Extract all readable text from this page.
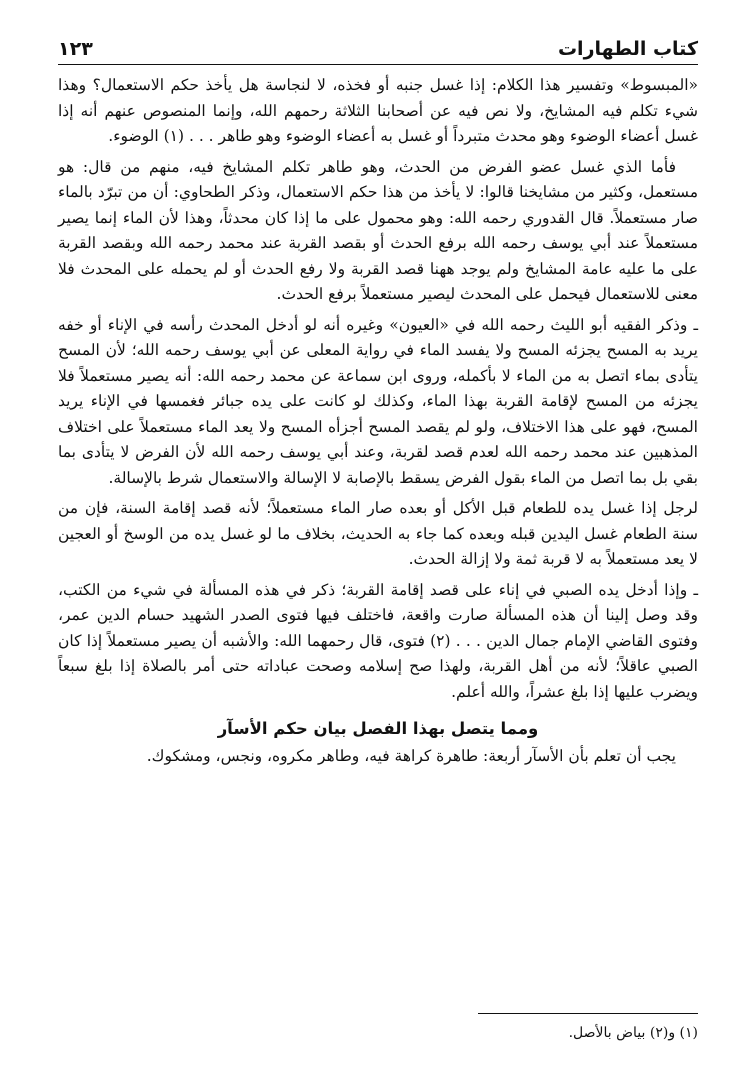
كتاب الطهارات
١٢٣

«المبسوط» وتفسير هذا الكلام: إذا غسل جنبه أو فخذه، لا لنجاسة هل يأخذ حكم الاستعمال؟ وهذا شيء تكلم فيه المشايخ، ولا نص فيه عن أصحابنا الثلاثة رحمهم الله، وإنما المنصوص عنهم أنه إذا غسل أعضاء الوضوء وهو محدث متبرداً أو غسل به أعضاء الوضوء وهو طاهر . . . (١) الوضوء.

فأما الذي غسل عضو الفرض من الحدث، وهو طاهر تكلم المشايخ فيه، منهم من قال: هو مستعمل، وكثير من مشايخنا قالوا: لا يأخذ من هذا حكم الاستعمال، وذكر الطحاوي: أن من تبرّد بالماء صار مستعملاً. قال القدوري رحمه الله: وهو محمول على ما إذا كان محدثاً، وهذا لأن الماء إنما يصير مستعملاً عند أبي يوسف رحمه الله برفع الحدث أو بقصد القربة عند محمد رحمه الله وبقصد القربة على ما عليه عامة المشايخ ولم يوجد ههنا قصد القربة ولا رفع الحدث أو لم يحمله على المحدث فلا معنى للاستعمال فيحمل على المحدث ليصير مستعملاً برفع الحدث.

ـ وذكر الفقيه أبو الليث رحمه الله في «العيون» وغيره أنه لو أدخل المحدث رأسه في الإناء أو خفه يريد به المسح يجزئه المسح ولا يفسد الماء في رواية المعلى عن أبي يوسف رحمه الله؛ لأن المسح يتأدى بماء اتصل به من الماء لا بأكمله، وروى ابن سماعة عن محمد رحمه الله: أنه يصير مستعملاً فلا يجزئه من المسح لإقامة القربة بهذا الماء، وكذلك لو كانت على يده جبائر فغمسها في الإناء يريد المسح، فهو على هذا الاختلاف، ولو لم يقصد المسح أجزأه المسح ولا يعد الماء مستعملاً على اختلاف المذهبين عند محمد رحمه الله لعدم قصد لقربة، وعند أبي يوسف رحمه الله لأن الفرض لا يتأدى بما بقي بل بما اتصل من الماء بقول الفرض يسقط بالإصابة لا الإسالة والاستعمال شرط بالإسالة.

لرجل إذا غسل يده للطعام قبل الأكل أو بعده صار الماء مستعملاً؛ لأنه قصد إقامة السنة، فإن من سنة الطعام غسل اليدين قبله وبعده كما جاء به الحديث، بخلاف ما لو غسل يده من الوسخ أو العجين لا يعد مستعملاً به لا قربة ثمة ولا إزالة الحدث.

ـ وإذا أدخل يده الصبي في إناء على قصد إقامة القربة؛ ذكر في هذه المسألة في شيء من الكتب، وقد وصل إلينا أن هذه المسألة صارت واقعة، فاختلف فيها فتوى الصدر الشهيد حسام الدين عمر، وفتوى القاضي الإمام جمال الدين . . . (٢) فتوى، قال رحمهما الله: والأشبه أن يصير مستعملاً إذا كان الصبي عاقلاً؛ لأنه من أهل القربة، ولهذا صح إسلامه وصحت عباداته حتى أمر بالصلاة إذا بلغ سبعاً ويضرب عليها إذا بلغ عشراً، والله أعلم.

ومما يتصل بهذا الفصل بيان حكم الأسآر

يجب أن تعلم بأن الأسآر أربعة: طاهرة كراهة فيه، وطاهر مكروه، ونجس، ومشكوك.

(١) و(٢) بياض بالأصل.
